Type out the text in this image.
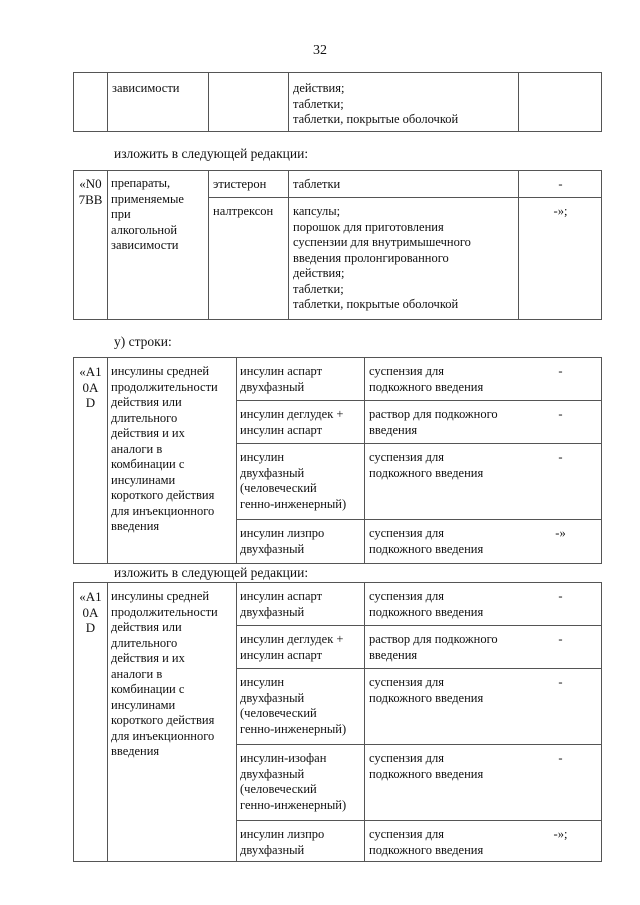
32
зависимости	действия;
таблетки;
таблетки, покрытые оболочкой
изложить в следующей редакции:
«N0
7BB
препараты,
применяемые
при
алкогольной
зависимости
этистерон таблетки	-
налтрексон капсулы;
порошок для приготовления
суспензии для внутримышечного
введения пролонгированного
действия;
таблетки;
таблетки, покрытые оболочкой
-»;
у) строки:
«А1
0А
D
инсулины средней
продолжительности
действия или
длительного
действия и их
аналоги в
комбинации с
инсулинами
короткого действия
для инъекционного
введения
инсулин аспарт
двухфазный
суспензия для
подкожного введения
-
инсулин деглудек +
инсулин аспарт
раствор для подкожного
введения
-
инсулин
двухфазный
(человеческий
генно-инженерный)
суспензия для
подкожного введения
-
инсулин лизпро
двухфазный
суспензия для
подкожного введения
-»
изложить в следующей редакции:
«А1
0А
D
инсулины средней
продолжительности
действия или
длительного
действия и их
аналоги в
комбинации с
инсулинами
короткого действия
для инъекционного
введения
инсулин аспарт
двухфазный
суспензия для
подкожного введения
-
инсулин деглудек +
инсулин аспарт
раствор для подкожного
введения
-
инсулин
двухфазный
(человеческий
генно-инженерный)
суспензия для
подкожного введения
-
инсулин-изофан
двухфазный
(человеческий
генно-инженерный)
суспензия для
подкожного введения
-
инсулин лизпро
двухфазный
суспензия для
подкожного введения
-»;
